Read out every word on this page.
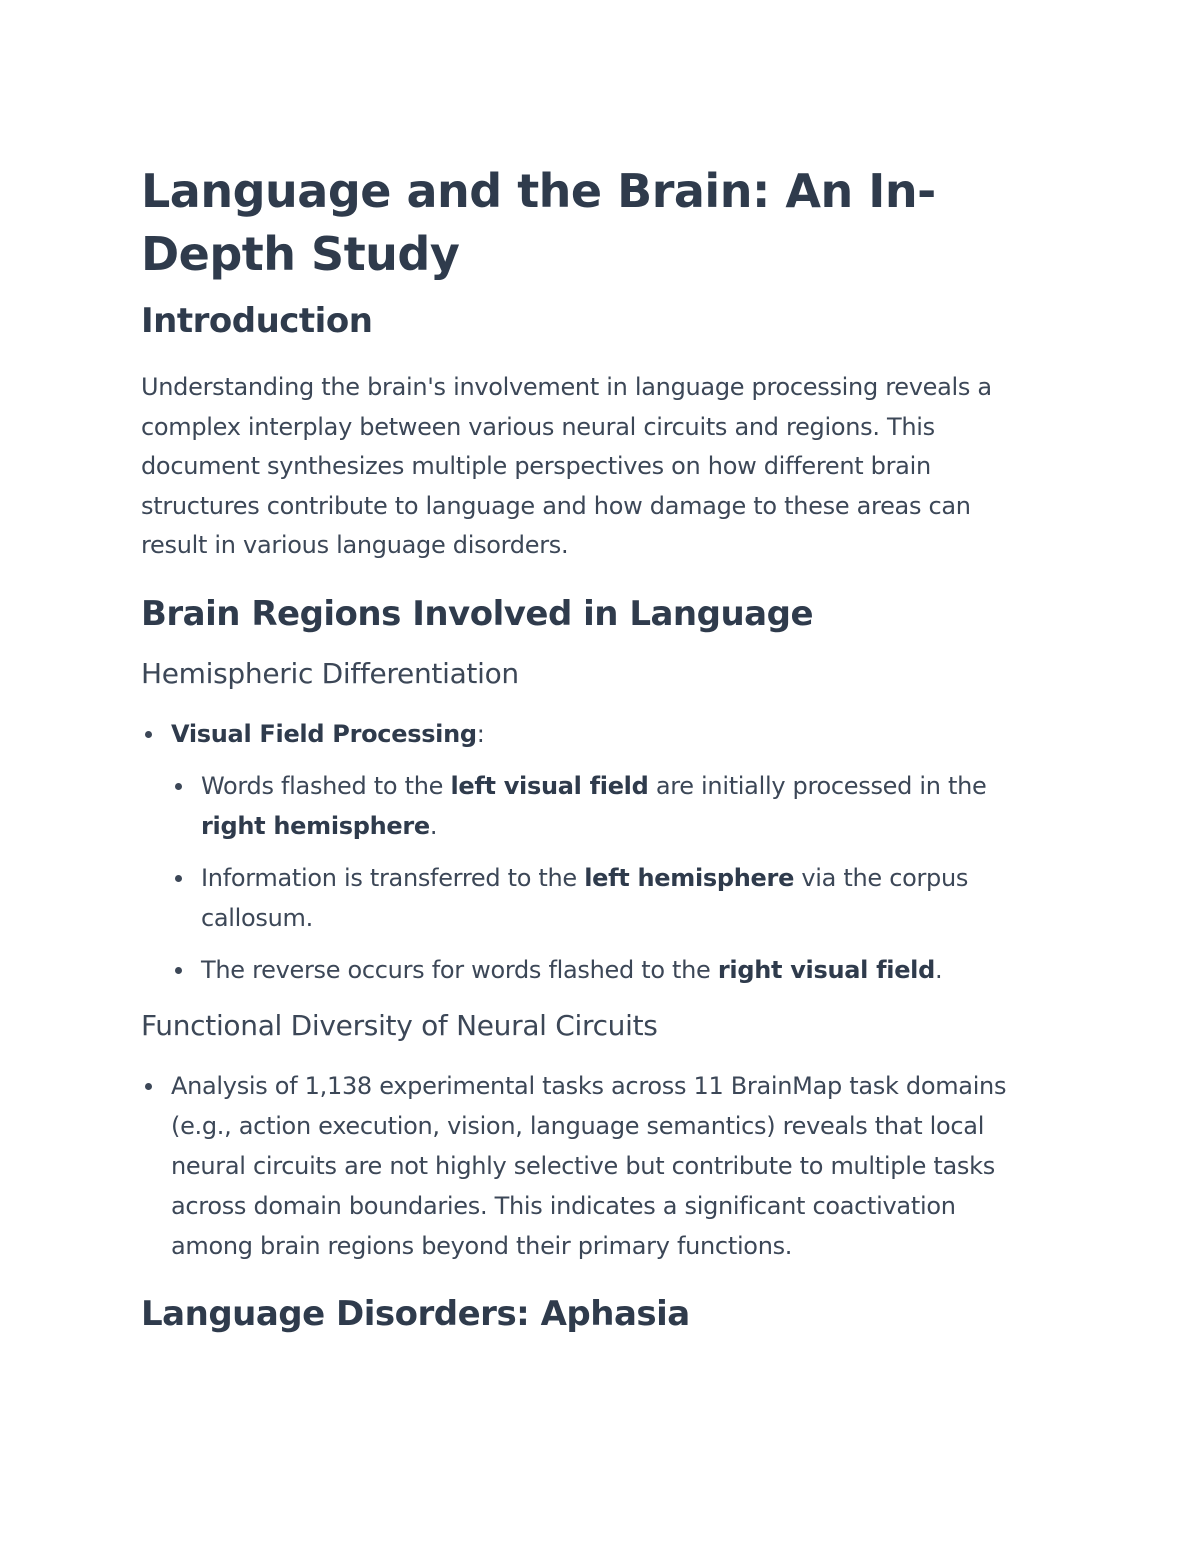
Language and the Brain: An In-Depth Study
Introduction

Understanding the brain's involvement in language processing reveals a complex interplay between various neural circuits and regions. This document synthesizes multiple perspectives on how different brain structures contribute to language and how damage to these areas can result in various language disorders.

Brain Regions Involved in Language
Hemispheric Differentiation
Visual Field Processing:
Words flashed to the left visual field are initially processed in the right hemisphere.
Information is transferred to the left hemisphere via the corpus callosum.
The reverse occurs for words flashed to the right visual field.
Functional Diversity of Neural Circuits
Analysis of 1,138 experimental tasks across 11 BrainMap task domains (e.g., action execution, vision, language semantics) reveals that local neural circuits are not highly selective but contribute to multiple tasks across domain boundaries. This indicates a significant coactivation among brain regions beyond their primary functions.
Language Disorders: Aphasia
